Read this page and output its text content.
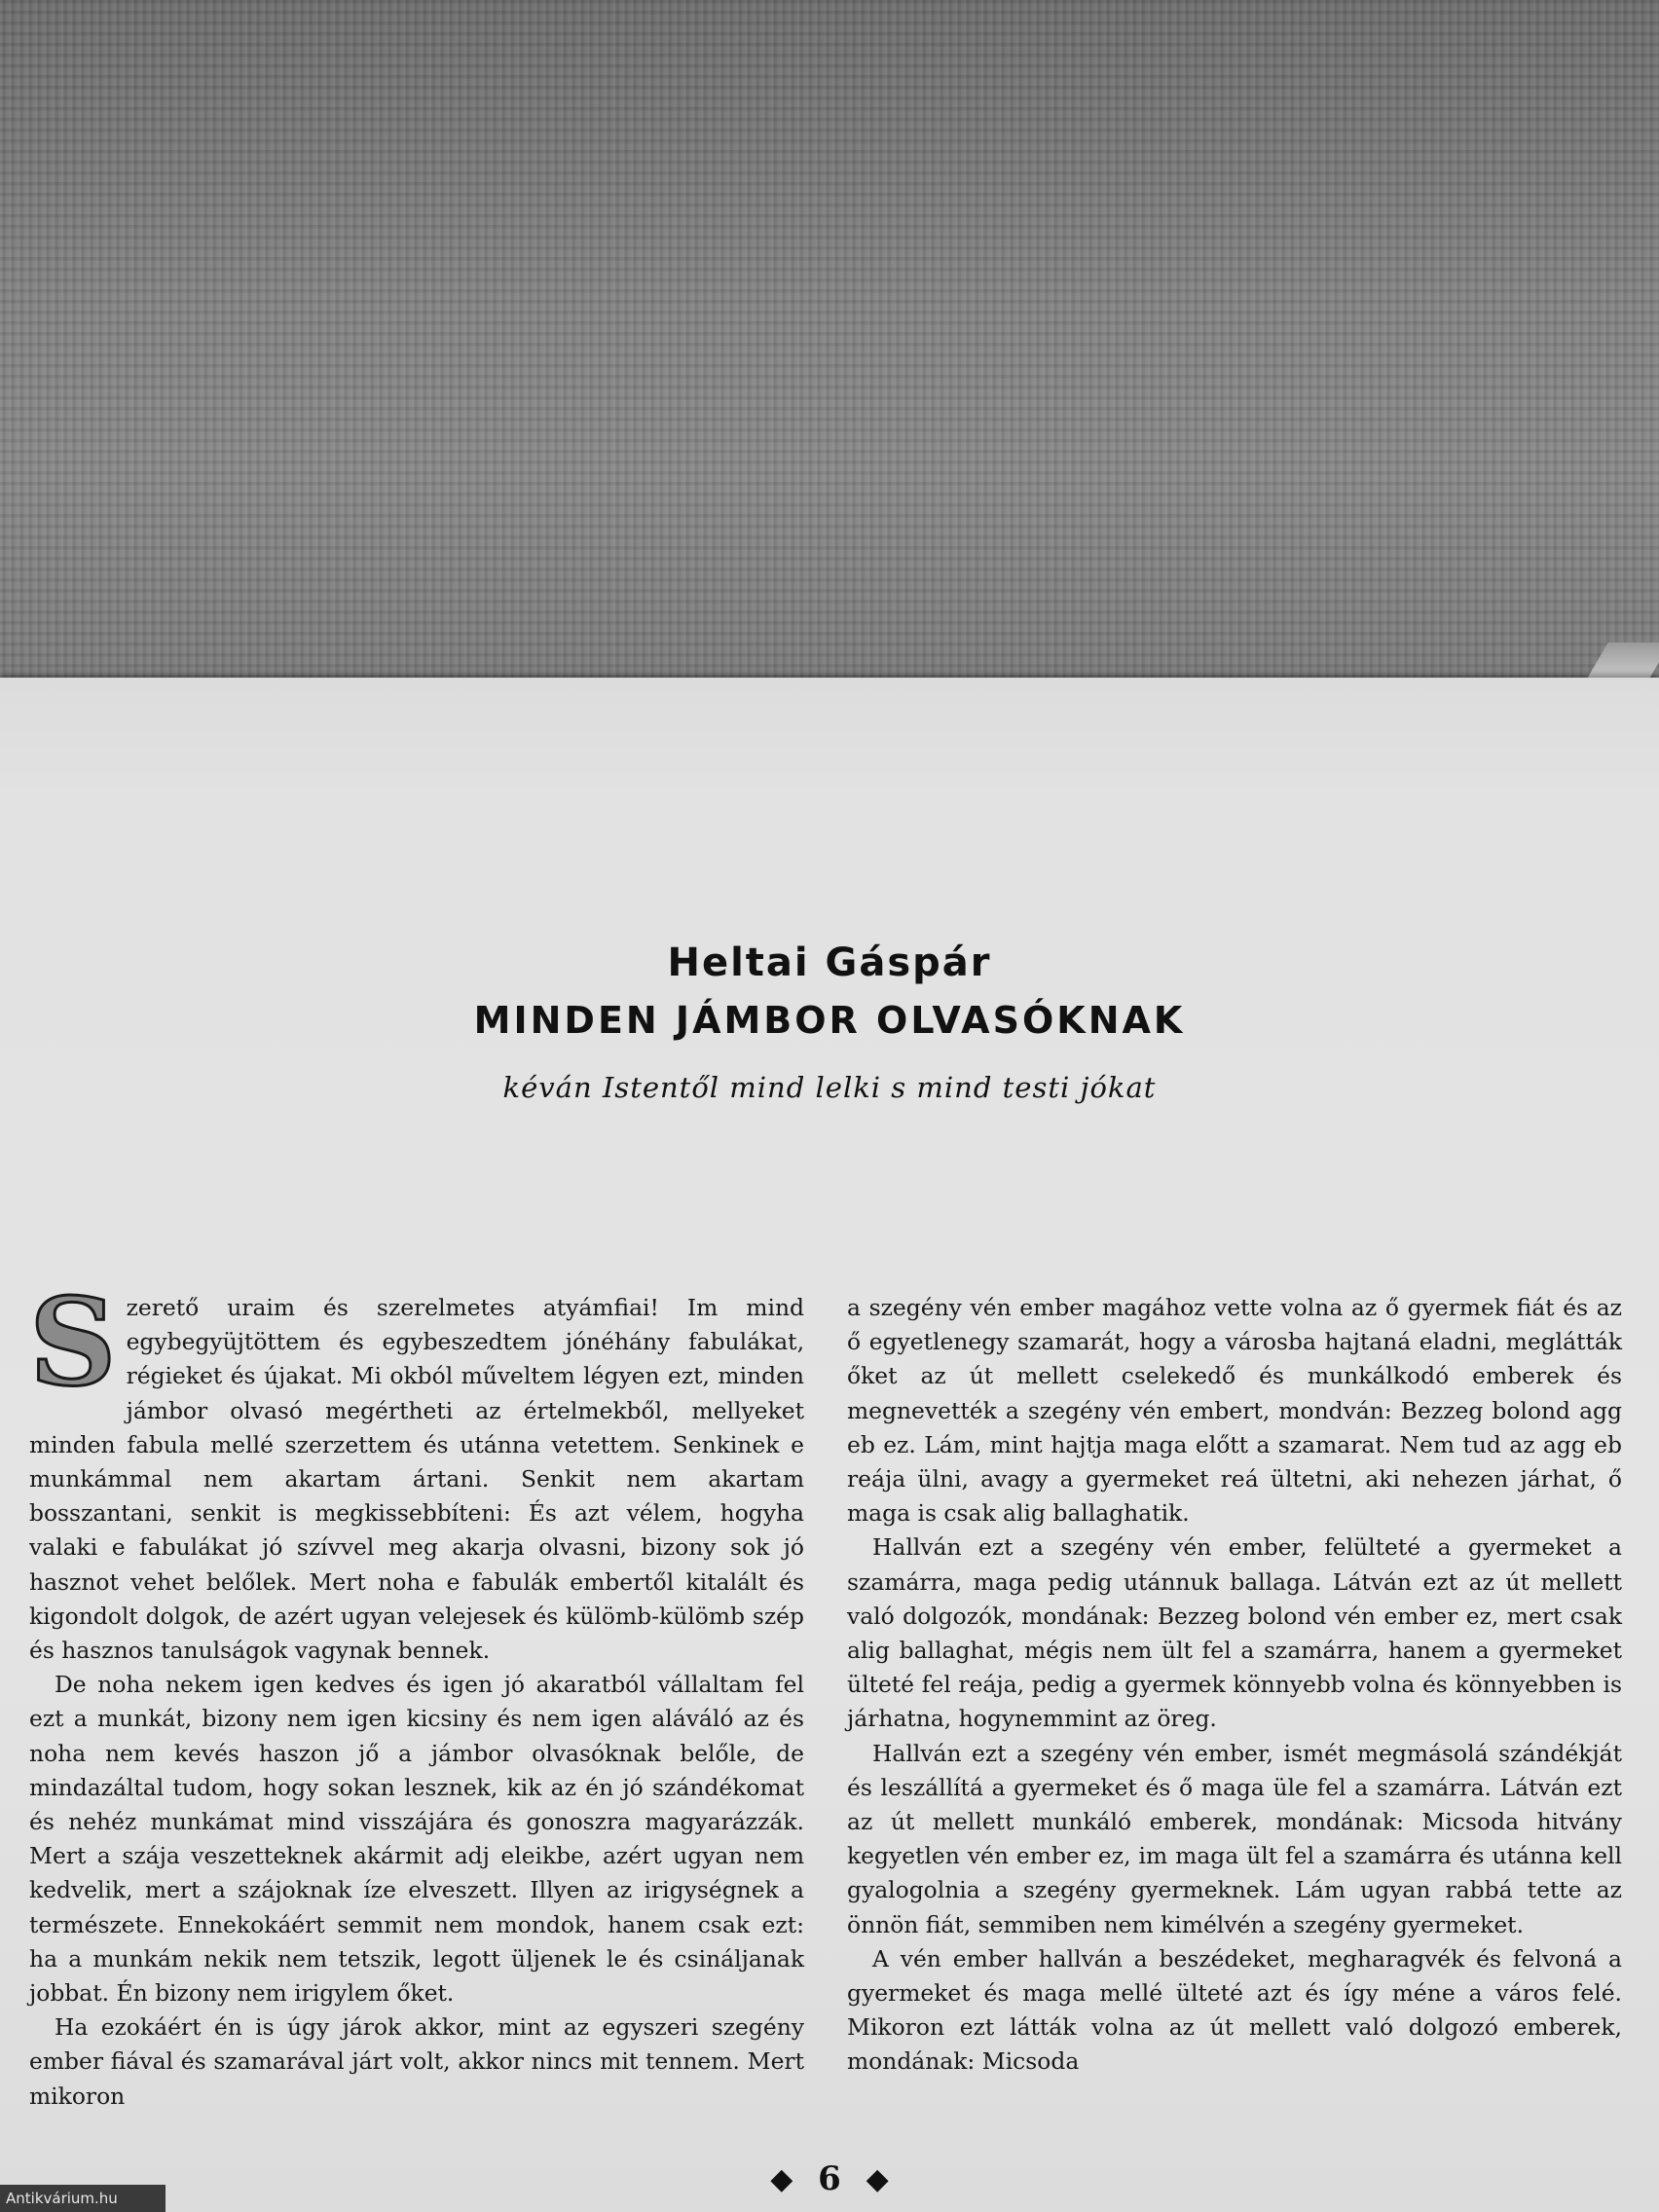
Heltai Gáspár
MINDEN JÁMBOR OLVASÓKNAK
kéván Istentől mind lelki s mind testi jókat

Szerető uraim és szerelmetes atyámfiai! Im mind egybegyüjtöttem és egybeszedtem jónéhány fabulákat, régieket és újakat. Mi okból műveltem légyen ezt, minden jámbor olvasó megértheti az értelmekből, mellyeket minden fabula mellé szerzettem és utánna vetettem. Senkinek e munkámmal nem akartam ártani. Senkit nem akartam bosszantani, senkit is megkissebbíteni: És azt vélem, hogyha valaki e fabulákat jó szívvel meg akarja olvasni, bizony sok jó hasznot vehet belőlek. Mert noha e fabulák embertől kitalált és kigondolt dolgok, de azért ugyan velejesek és külömb-külömb szép és hasznos tanulságok vagynak bennek.

De noha nekem igen kedves és igen jó akaratból vállaltam fel ezt a munkát, bizony nem igen kicsiny és nem igen aláváló az és noha nem kevés haszon jő a jámbor olvasóknak belőle, de mindazáltal tudom, hogy sokan lesznek, kik az én jó szándékomat és nehéz munkámat mind visszájára és gonoszra magyarázzák. Mert a szája veszetteknek akármit adj eleikbe, azért ugyan nem kedvelik, mert a szájoknak íze elveszett. Illyen az irigységnek a természete. Ennekokáért semmit nem mondok, hanem csak ezt: ha a munkám nekik nem tetszik, legott üljenek le és csináljanak jobbat. Én bizony nem irigylem őket.

Ha ezokáért én is úgy járok akkor, mint az egyszeri szegény ember fiával és szamarával járt volt, akkor nincs mit tennem. Mert mikoron

a szegény vén ember magához vette volna az ő gyermek fiát és az ő egyetlenegy szamarát, hogy a városba hajtaná eladni, meglátták őket az út mellett cselekedő és munkálkodó emberek és megnevették a szegény vén embert, mondván: Bezzeg bolond agg eb ez. Lám, mint hajtja maga előtt a szamarat. Nem tud az agg eb reája ülni, avagy a gyermeket reá ültetni, aki nehezen járhat, ő maga is csak alig ballaghatik.

Hallván ezt a szegény vén ember, felülteté a gyermeket a szamárra, maga pedig utánnuk ballaga. Látván ezt az út mellett való dolgozók, mondának: Bezzeg bolond vén ember ez, mert csak alig ballaghat, mégis nem ült fel a szamárra, hanem a gyermeket ülteté fel reája, pedig a gyermek könnyebb volna és könnyebben is járhatna, hogynemmint az öreg.

Hallván ezt a szegény vén ember, ismét megmásolá szándékját és leszállítá a gyermeket és ő maga üle fel a szamárra. Látván ezt az út mellett munkáló emberek, mondának: Micsoda hitvány kegyetlen vén ember ez, im maga ült fel a szamárra és utánna kell gyalogolnia a szegény gyermeknek. Lám ugyan rabbá tette az önnön fiát, semmiben nem kimélvén a szegény gyermeket.

A vén ember hallván a beszédeket, megharagvék és felvoná a gyermeket és maga mellé ülteté azt és így méne a város felé. Mikoron ezt látták volna az út mellett való dolgozó emberek, mondának: Micsoda

◆ 6 ◆
Antikvárium.hu
